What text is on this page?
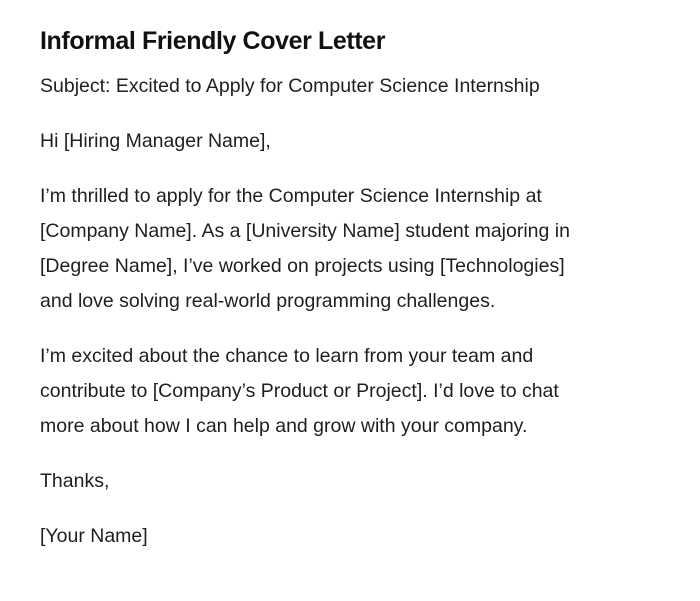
Informal Friendly Cover Letter

Subject: Excited to Apply for Computer Science Internship

Hi [Hiring Manager Name],

I’m thrilled to apply for the Computer Science Internship at
[Company Name]. As a [University Name] student majoring in
[Degree Name], I’ve worked on projects using [Technologies]
and love solving real-world programming challenges.

I’m excited about the chance to learn from your team and
contribute to [Company’s Product or Project]. I’d love to chat
more about how I can help and grow with your company.

Thanks,

[Your Name]
